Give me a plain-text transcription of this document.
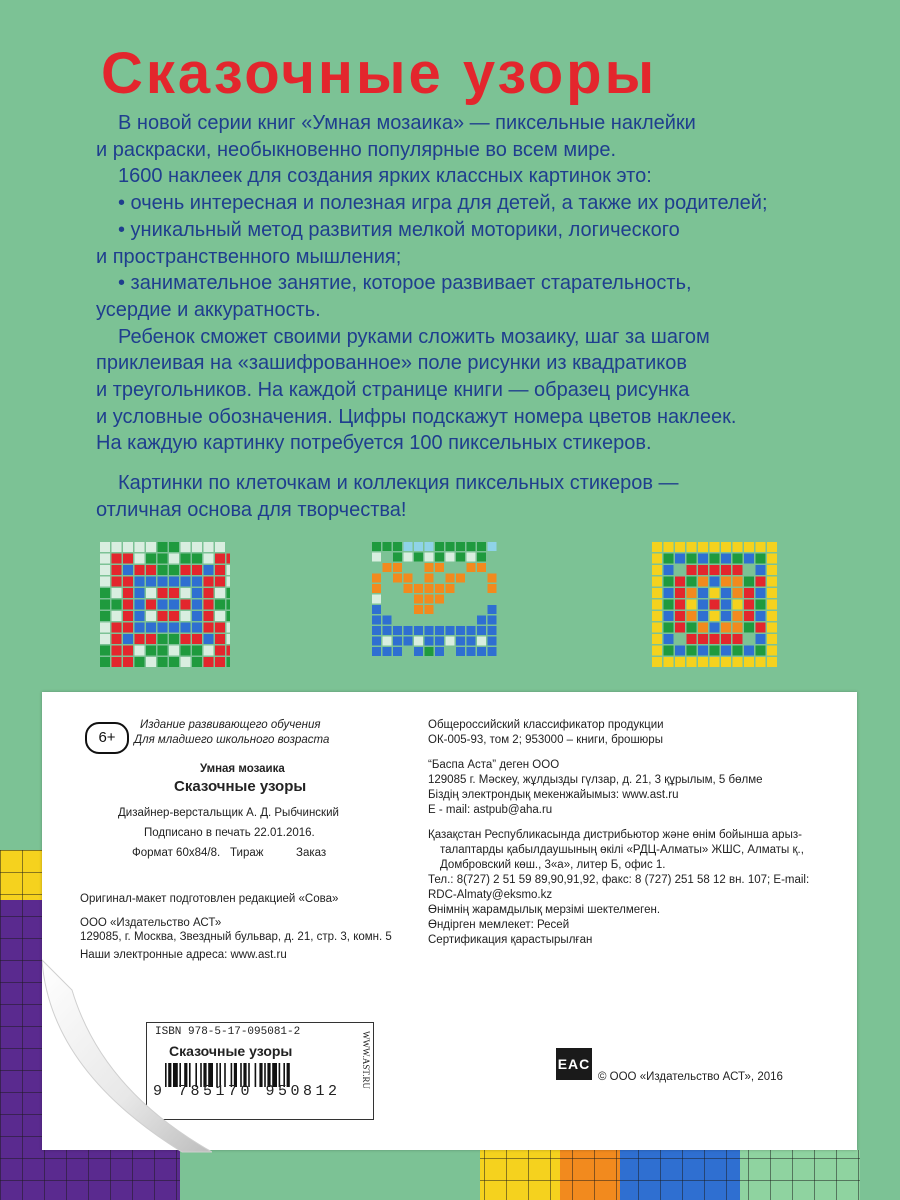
Сказочные узоры
В новой серии книг «Умная мозаика» — пиксельные наклейки
и раскраски, необыкновенно популярные во всем мире.
1600 наклеек для создания ярких классных картинок это:
• очень интересная и полезная игра для детей, а также их родителей;
• уникальный метод развития мелкой моторики, логического
и пространственного мышления;
• занимательное занятие, которое развивает старательность,
усердие и аккуратность.
Ребенок сможет своими руками сложить мозаику, шаг за шагом
приклеивая на «зашифрованное» поле рисунки из квадратиков
и треугольников. На каждой странице книги — образец рисунка
и условные обозначения. Цифры подскажут номера цветов наклеек.
На каждую картинку потребуется 100 пиксельных стикеров.
Картинки по клеточкам и коллекция пиксельных стикеров —
отличная основа для творчества!
6+
Издание развивающего обучения
Для младшего школьного возраста
Умная мозаика
Сказочные узоры
Дизайнер-верстальщик А. Д. Рыбчинский
Подписано в печать 22.01.2016.
Формат 60x84/8. Тираж	Заказ
Оригинал-макет подготовлен редакцией «Сова»
ООО «Издательство АСТ»
129085, г. Москва, Звездный бульвар, д. 21, стр. 3, комн. 5
Наши электронные адреса: www.ast.ru
Общероссийский классификатор продукции
ОК-005-93, том 2; 953000 – книги, брошюры
“Баспа Аста” деген ООО
129085 г. Мәскеу, жұлдызды гүлзар, д. 21, 3 құрылым, 5 бөлме
Біздің электрондық мекенжайымыз: www.ast.ru
E - mail: astpub@aha.ru
Қазақстан Республикасында дистрибьютор және өнім бойынша арыз-
талаптарды қабылдаушының өкілі «РДЦ-Алматы» ЖШС, Алматы қ.,
Домбровский көш., 3«а», литер Б, офис 1.
Тел.: 8(727) 2 51 59 89,90,91,92, факс: 8 (727) 251 58 12 вн. 107; E-mail:
RDC-Almaty@eksmo.kz
Өнімнің жарамдылық мерзімі шектелмеген.
Өндірген мемлекет: Ресей
Сертификация қарастырылған
ISBN 978-5-17-095081-2
Сказочные узоры
9 785170 950812
WWW.AST.RU	EAC
© ООО «Издательство АСТ», 2016
